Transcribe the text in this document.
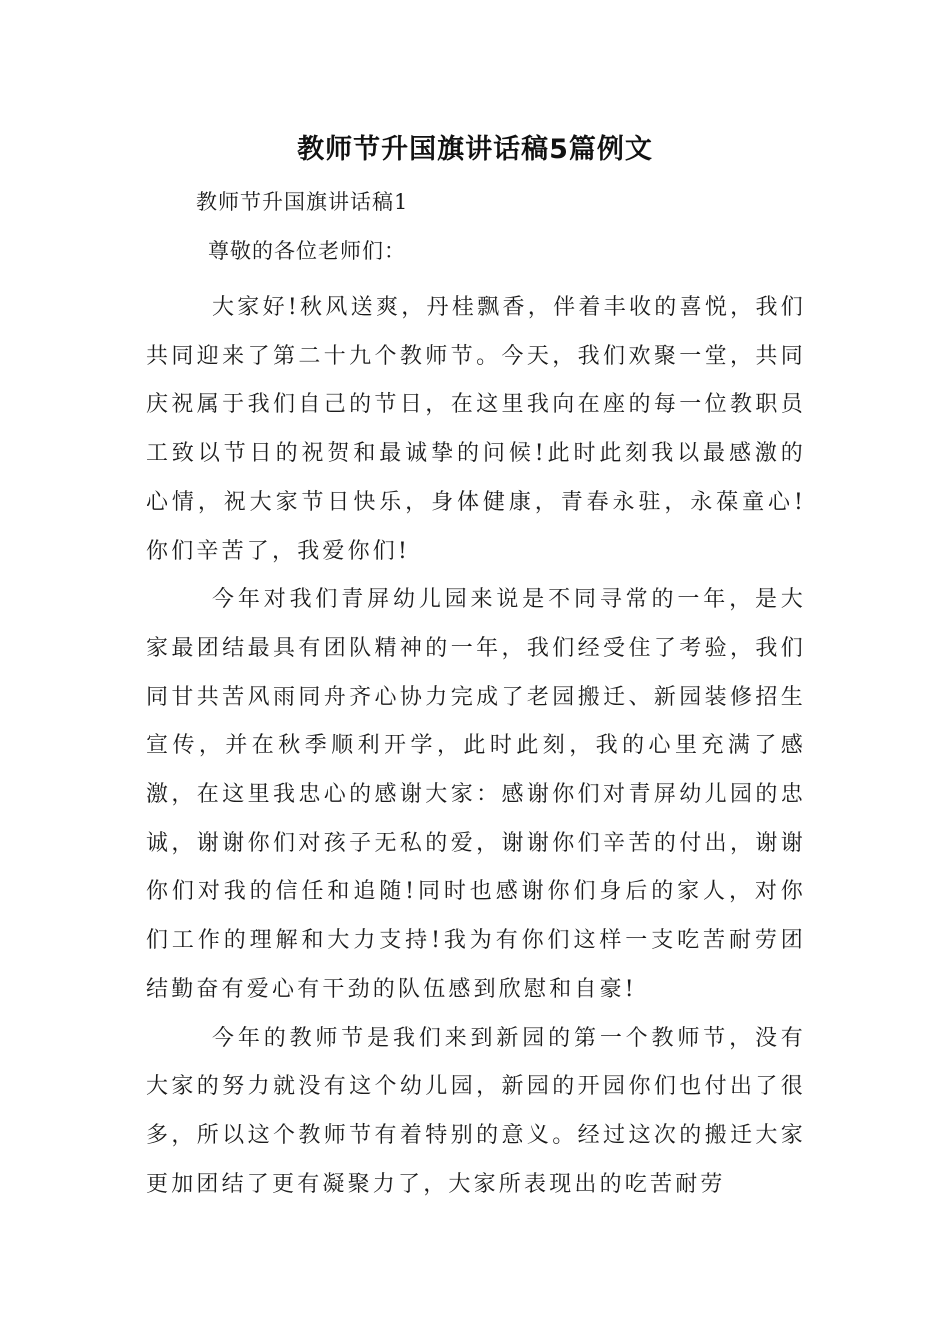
教师节升国旗讲话稿5篇例文
教师节升国旗讲话稿1
尊敬的各位老师们：

大家好!秋风送爽，丹桂飘香，伴着丰收的喜悦，我们共同迎来了第二十九个教师节。今天，我们欢聚一堂，共同庆祝属于我们自己的节日，在这里我向在座的每一位教职员工致以节日的祝贺和最诚挚的问候!此时此刻我以最感激的心情，祝大家节日快乐，身体健康，青春永驻，永葆童心!你们辛苦了，我爱你们!

今年对我们青屏幼儿园来说是不同寻常的一年，是大家最团结最具有团队精神的一年，我们经受住了考验，我们同甘共苦风雨同舟齐心协力完成了老园搬迁、新园装修招生宣传，并在秋季顺利开学，此时此刻，我的心里充满了感激，在这里我忠心的感谢大家：感谢你们对青屏幼儿园的忠诚，谢谢你们对孩子无私的爱，谢谢你们辛苦的付出，谢谢你们对我的信任和追随!同时也感谢你们身后的家人，对你们工作的理解和大力支持!我为有你们这样一支吃苦耐劳团结勤奋有爱心有干劲的队伍感到欣慰和自豪!

今年的教师节是我们来到新园的第一个教师节，没有大家的努力就没有这个幼儿园，新园的开园你们也付出了很多，所以这个教师节有着特别的意义。经过这次的搬迁大家更加团结了更有凝聚力了，大家所表现出的吃苦耐劳
